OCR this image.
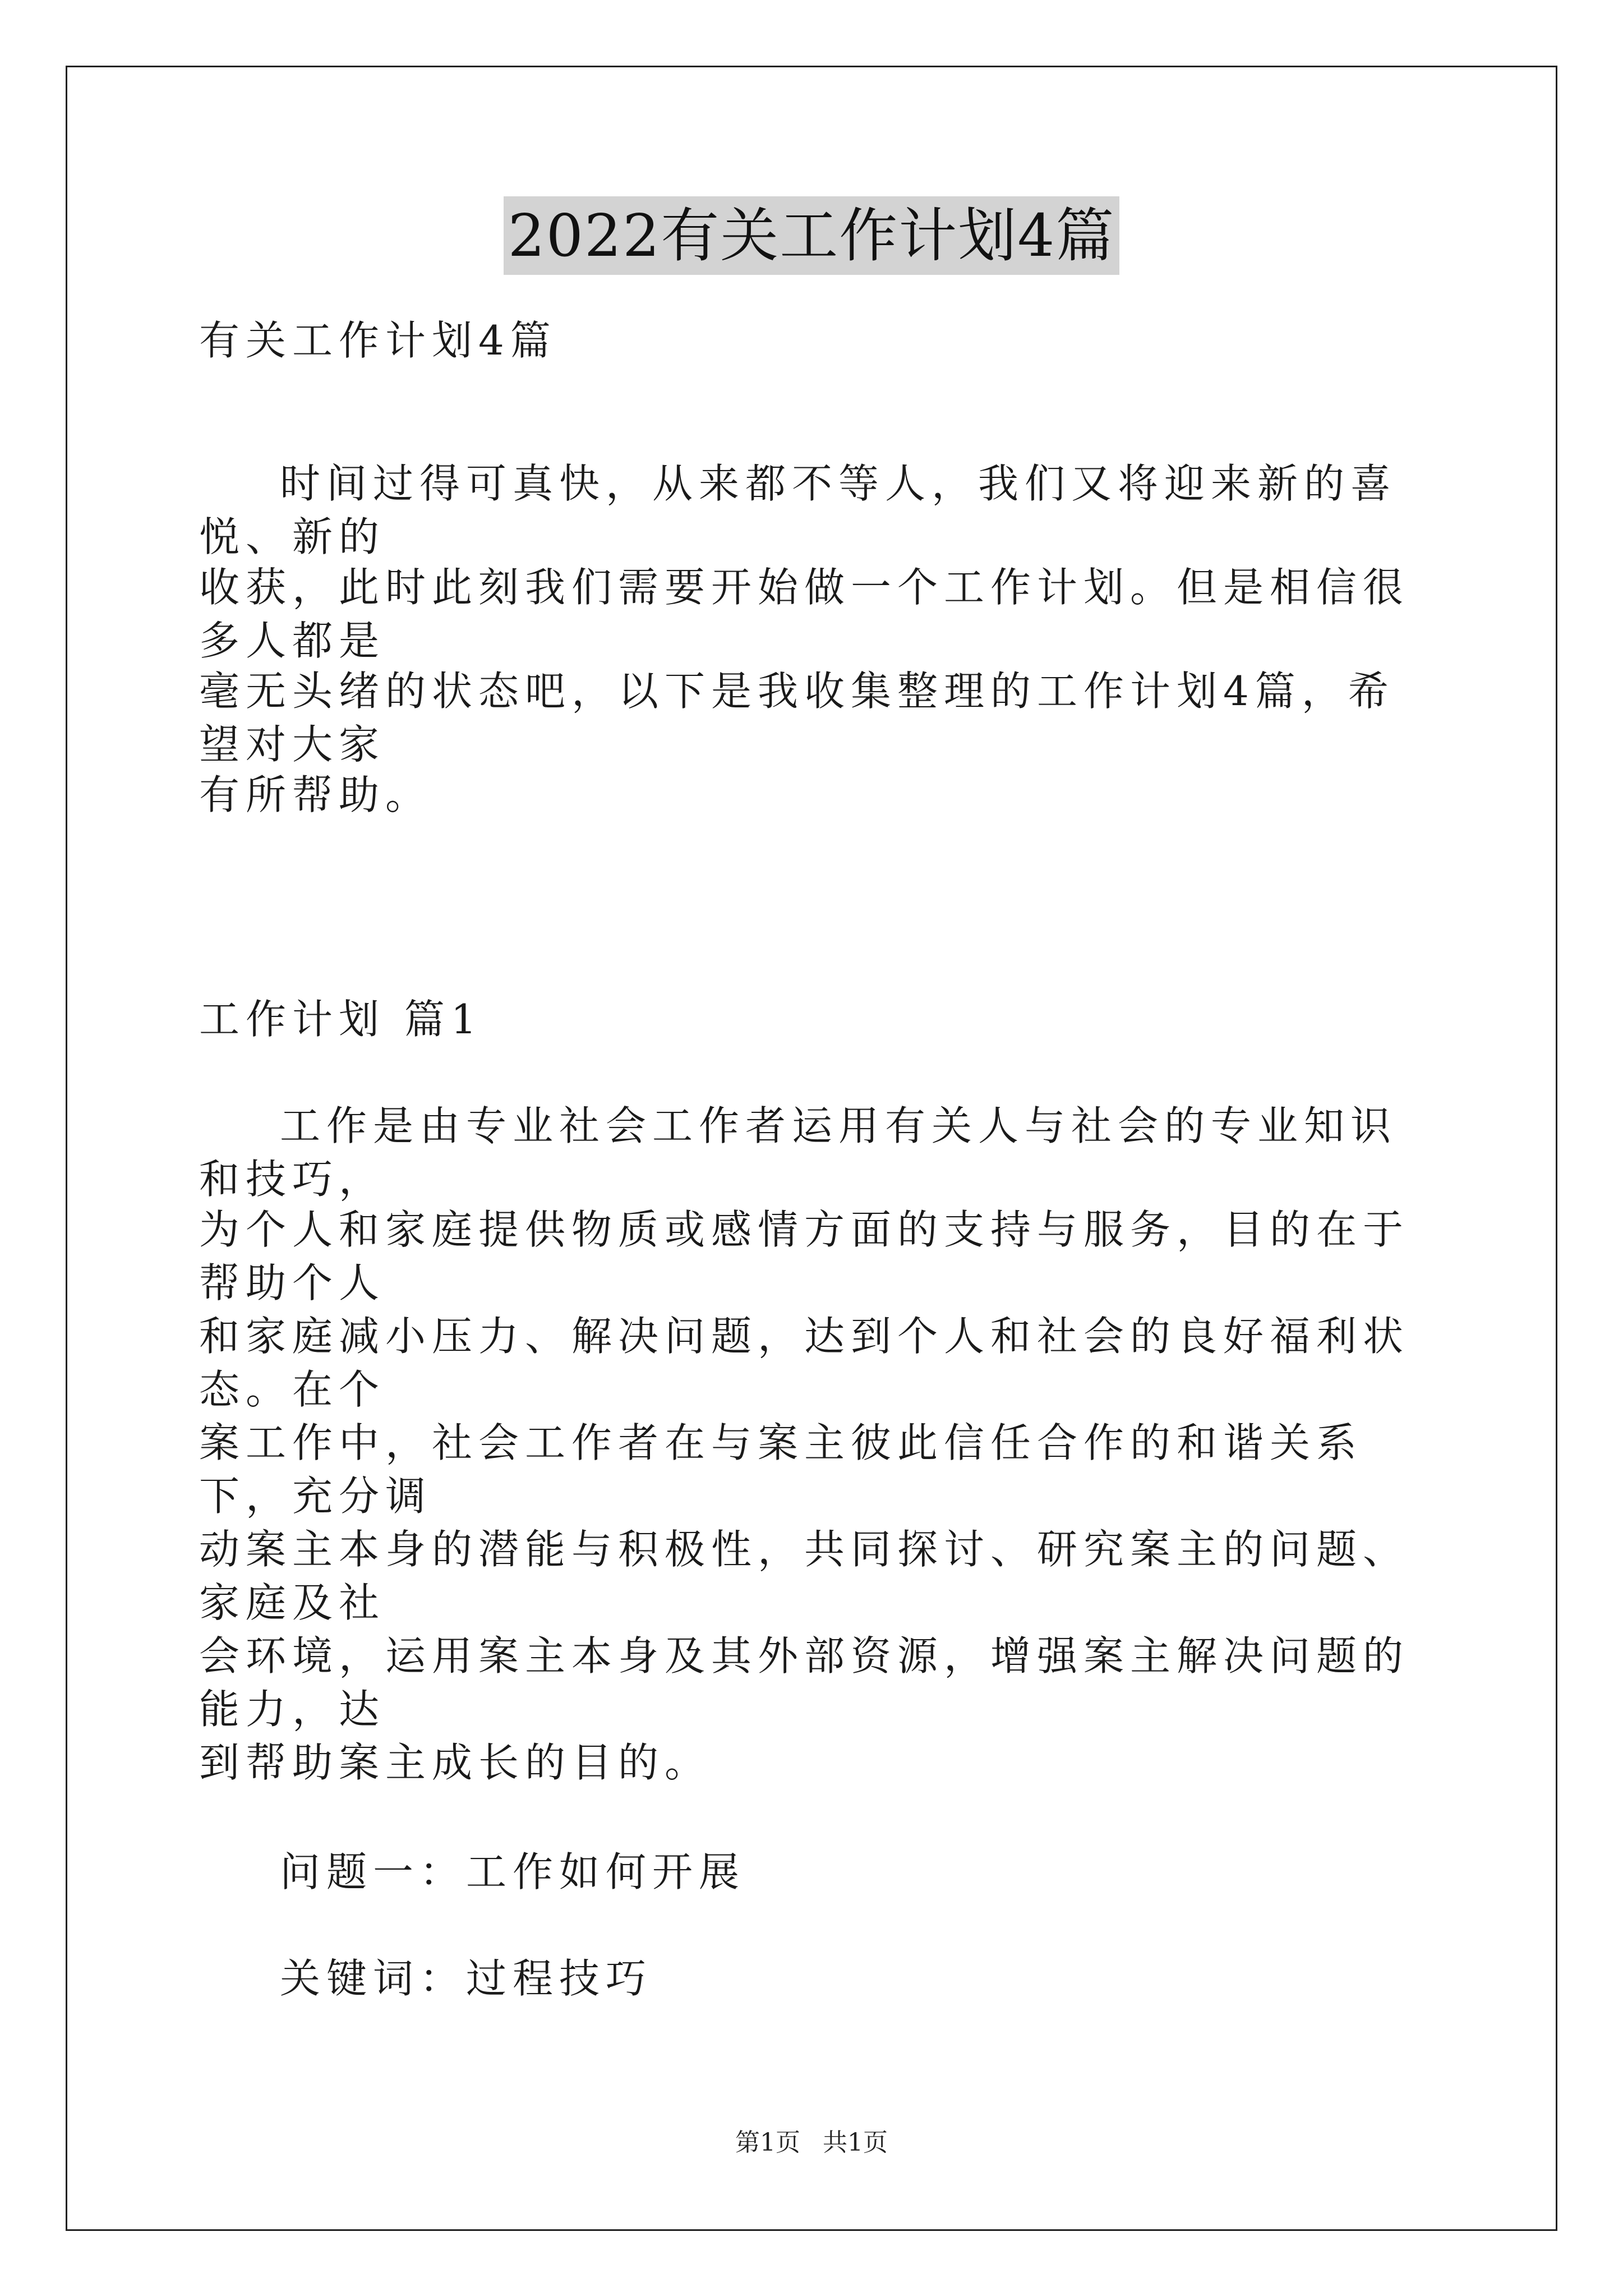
2022有关工作计划4篇

有关工作计划4篇

时间过得可真快，从来都不等人，我们又将迎来新的喜悦、新的

收获，此时此刻我们需要开始做一个工作计划。但是相信很多人都是

毫无头绪的状态吧，以下是我收集整理的工作计划4篇，希望对大家

有所帮助。

工作计划 篇1

工作是由专业社会工作者运用有关人与社会的专业知识和技巧，

为个人和家庭提供物质或感情方面的支持与服务，目的在于帮助个人

和家庭减小压力、解决问题，达到个人和社会的良好福利状态。在个

案工作中，社会工作者在与案主彼此信任合作的和谐关系下，充分调

动案主本身的潜能与积极性，共同探讨、研究案主的问题、家庭及社

会环境，运用案主本身及其外部资源，增强案主解决问题的能力，达

到帮助案主成长的目的。

问题一：工作如何开展

关键词：过程技巧

第1页 共1页
